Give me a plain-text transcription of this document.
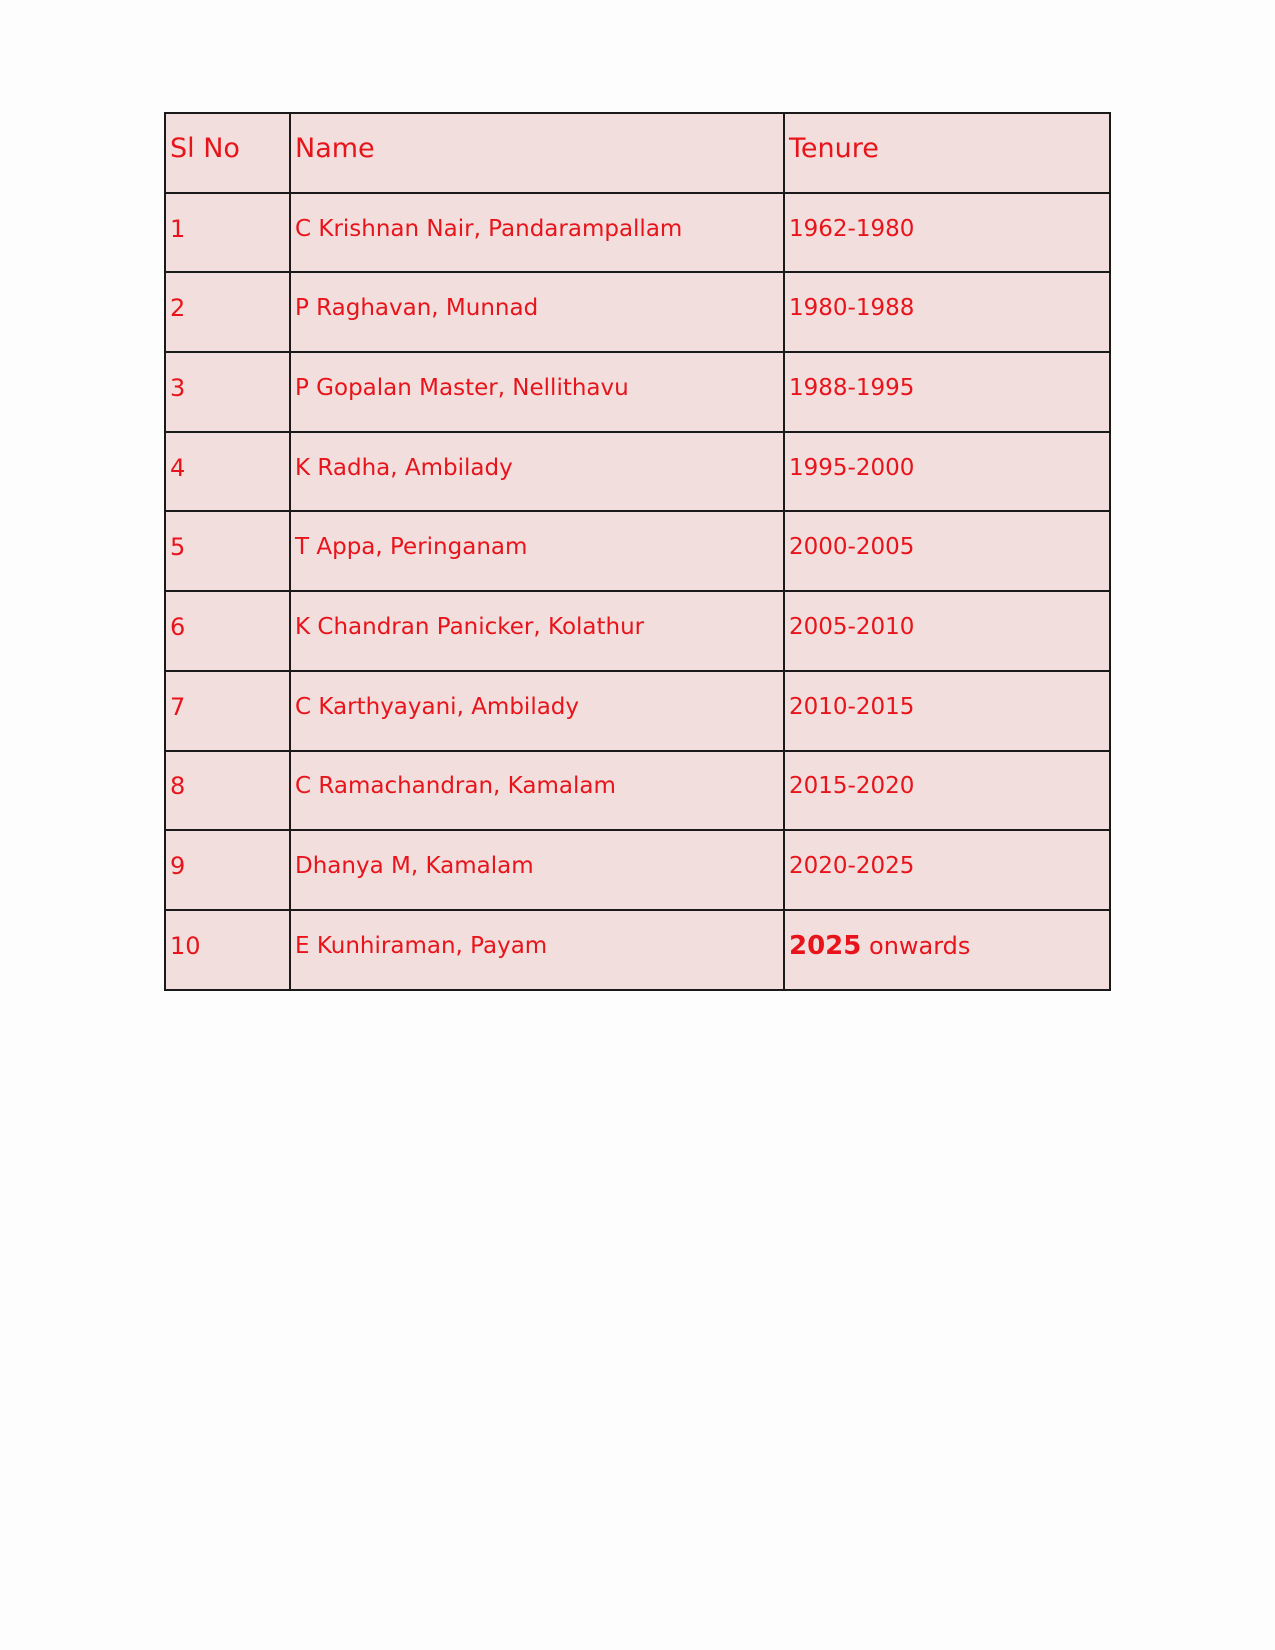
Sl No	Name	Tenure
1	C Krishnan Nair, Pandarampallam	1962-1980
2	P Raghavan, Munnad	1980-1988
3	P Gopalan Master, Nellithavu	1988-1995
4	K Radha, Ambilady	1995-2000
5	T Appa, Peringanam	2000-2005
6	K Chandran Panicker, Kolathur	2005-2010
7	C Karthyayani, Ambilady	2010-2015
8	C Ramachandran, Kamalam	2015-2020
9	Dhanya M, Kamalam	2020-2025
10	E Kunhiraman, Payam	2025 onwards
